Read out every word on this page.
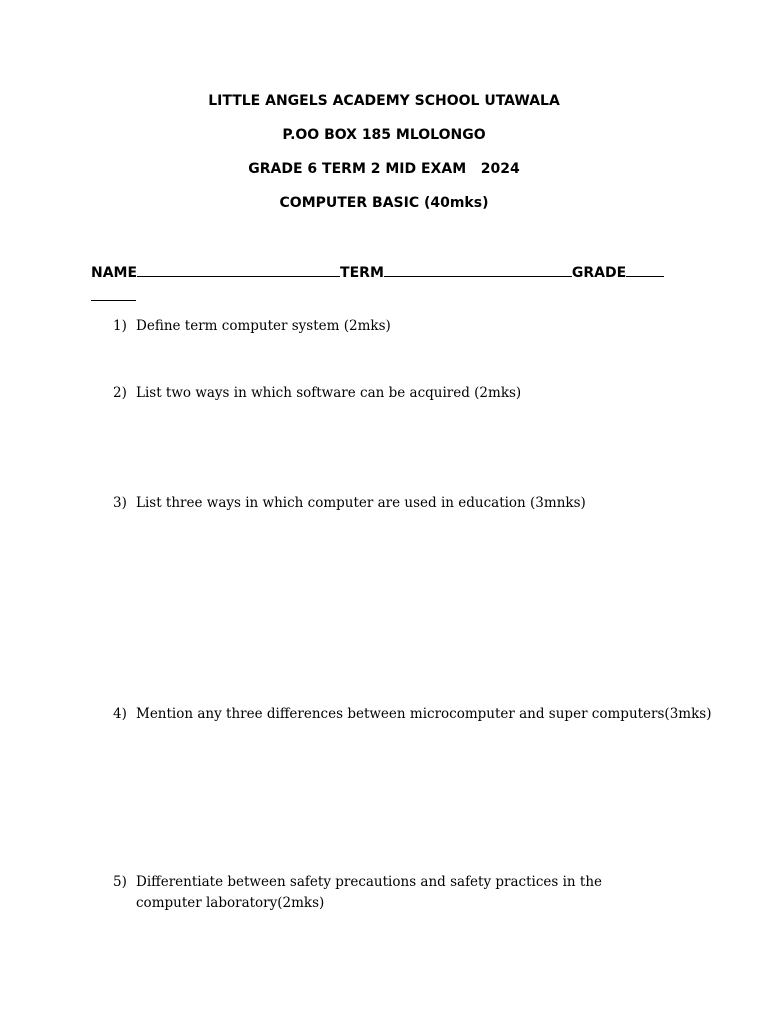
LITTLE ANGELS ACADEMY SCHOOL UTAWALA
P.OO BOX 185 MLOLONGO
GRADE 6 TERM 2 MID EXAM   2024
COMPUTER BASIC (40mks)
NAME	TERM	GRADE
1) Define term computer system (2mks)
2) List two ways in which software can be acquired (2mks)
3) List three ways in which computer are used in education (3mnks)
4) Mention any three differences between microcomputer and super computers(3mks)
5) Differentiate between safety precautions and safety practices in the computer laboratory(2mks)
